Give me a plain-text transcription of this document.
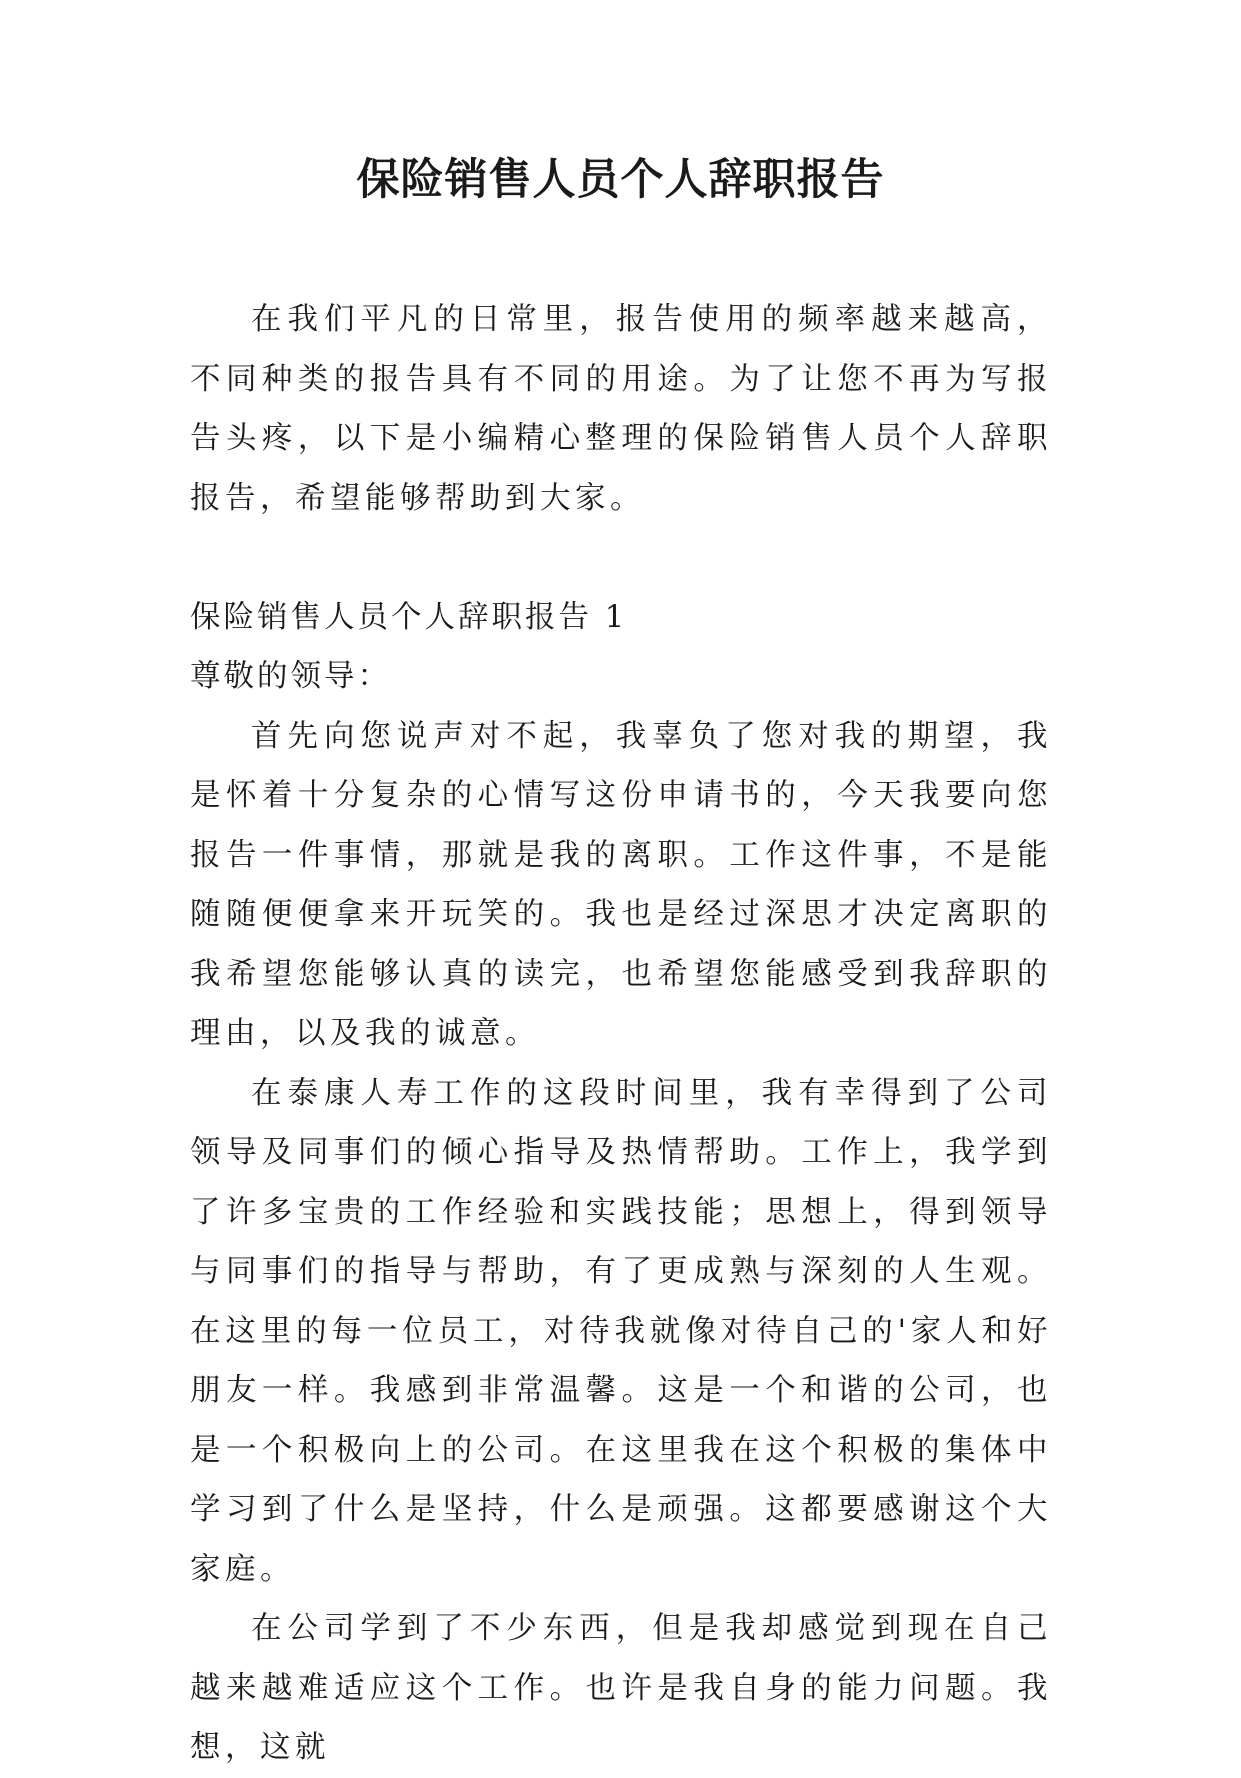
保险销售人员个人辞职报告

在我们平凡的日常里，报告使用的频率越来越高，不同种类的报告具有不同的用途。为了让您不再为写报告头疼，以下是小编精心整理的保险销售人员个人辞职报告，希望能够帮助到大家。

保险销售人员个人辞职报告 1

尊敬的领导：

首先向您说声对不起，我辜负了您对我的期望，我是怀着十分复杂的心情写这份申请书的，今天我要向您报告一件事情，那就是我的离职。工作这件事，不是能随随便便拿来开玩笑的。我也是经过深思才决定离职的我希望您能够认真的读完，也希望您能感受到我辞职的理由，以及我的诚意。

在泰康人寿工作的这段时间里，我有幸得到了公司领导及同事们的倾心指导及热情帮助。工作上，我学到了许多宝贵的工作经验和实践技能；思想上，得到领导与同事们的指导与帮助，有了更成熟与深刻的人生观。在这里的每一位员工，对待我就像对待自己的'家人和好朋友一样。我感到非常温馨。这是一个和谐的公司，也是一个积极向上的公司。在这里我在这个积极的集体中学习到了什么是坚持，什么是顽强。这都要感谢这个大家庭。

在公司学到了不少东西，但是我却感觉到现在自己越来越难适应这个工作。也许是我自身的能力问题。我想，这就
